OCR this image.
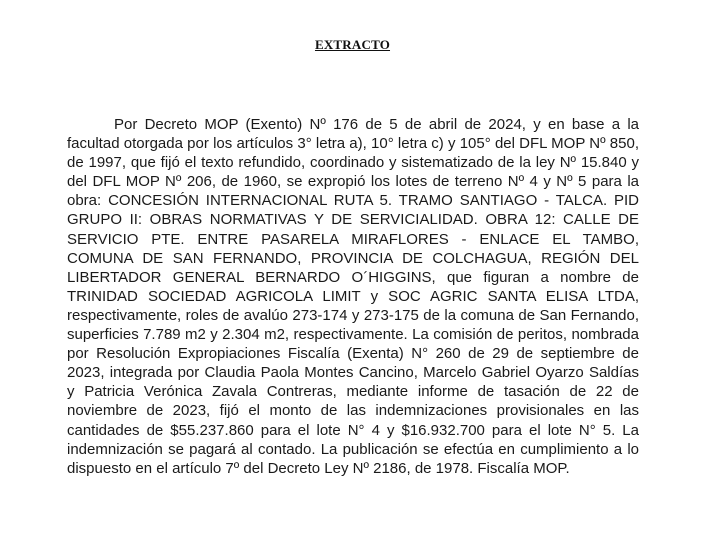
EXTRACTO

Por Decreto MOP (Exento) Nº 176 de 5 de abril de 2024, y en base a la facultad otorgada por los artículos 3° letra a), 10° letra c) y 105° del DFL MOP Nº 850, de 1997, que fijó el texto refundido, coordinado y sistematizado de la ley Nº 15.840 y del DFL MOP Nº 206, de 1960, se expropió los lotes de terreno Nº 4 y Nº 5 para la obra: CONCESIÓN INTERNACIONAL RUTA 5. TRAMO SANTIAGO - TALCA. PID GRUPO II: OBRAS NORMATIVAS Y DE SERVICIALIDAD. OBRA 12: CALLE DE SERVICIO PTE. ENTRE PASARELA MIRAFLORES - ENLACE EL TAMBO, COMUNA DE SAN FERNANDO, PROVINCIA DE COLCHAGUA, REGIÓN DEL LIBERTADOR GENERAL BERNARDO O´HIGGINS, que figuran a nombre de TRINIDAD SOCIEDAD AGRICOLA LIMIT y SOC AGRIC SANTA ELISA LTDA, respectivamente, roles de avalúo 273-174 y 273-175 de la comuna de San Fernando, superficies 7.789 m2 y 2.304 m2, respectivamente. La comisión de peritos, nombrada por Resolución Expropiaciones Fiscalía (Exenta) N° 260 de 29 de septiembre de 2023, integrada por Claudia Paola Montes Cancino, Marcelo Gabriel Oyarzo Saldías y Patricia Verónica Zavala Contreras, mediante informe de tasación de 22 de noviembre de 2023, fijó el monto de las indemnizaciones provisionales en las cantidades de $55.237.860 para el lote N° 4 y $16.932.700 para el lote N° 5. La indemnización se pagará al contado. La publicación se efectúa en cumplimiento a lo dispuesto en el artículo 7º del Decreto Ley Nº 2186, de 1978. Fiscalía MOP.
